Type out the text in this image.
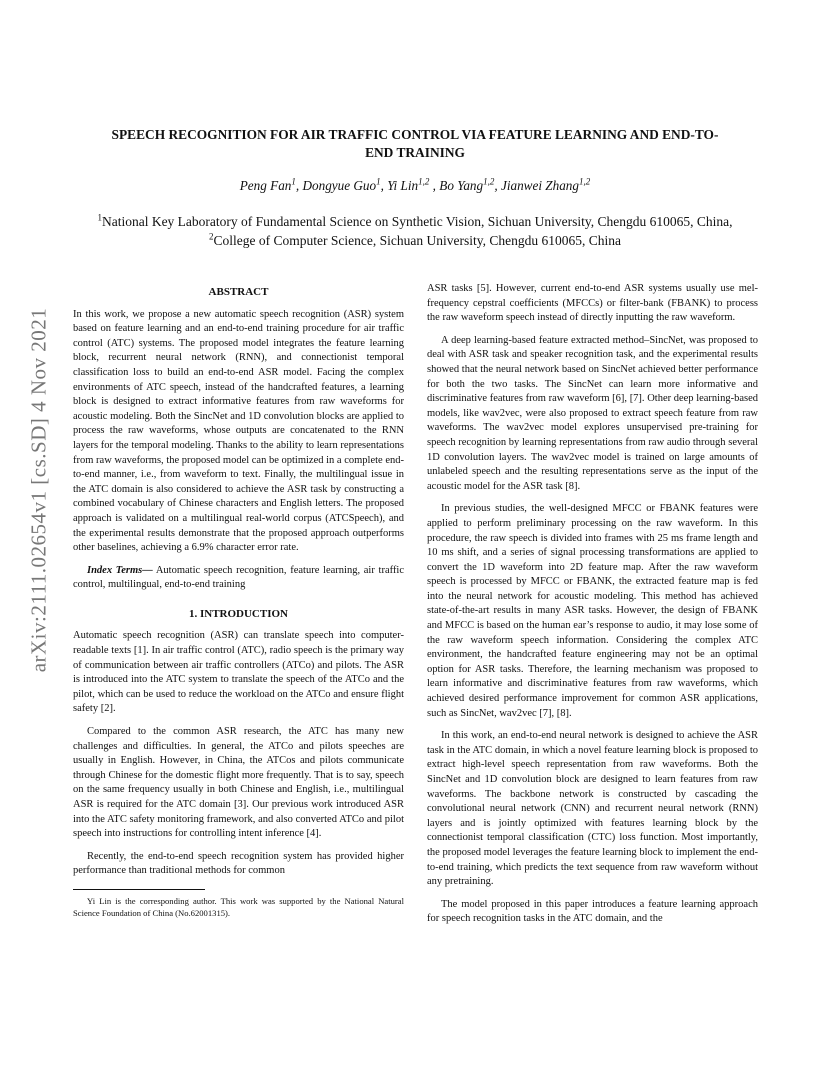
arXiv:2111.02654v1 [cs.SD] 4 Nov 2021
SPEECH RECOGNITION FOR AIR TRAFFIC CONTROL VIA FEATURE LEARNING AND END-TO-END TRAINING
Peng Fan$^1$, Dongyue Guo$^1$, Yi Lin$^{1,2}$ , Bo Yang$^{1,2}$, Jianwei Zhang$^{1,2}$
$^1$National Key Laboratory of Fundamental Science on Synthetic Vision, Sichuan University, Chengdu 610065, China,
$^2$College of Computer Science, Sichuan University, Chengdu 610065, China
ABSTRACT

In this work, we propose a new automatic speech recognition (ASR) system based on feature learning and an end-to-end training procedure for air traffic control (ATC) systems. The proposed model integrates the feature learning block, recurrent neural network (RNN), and connectionist temporal classification loss to build an end-to-end ASR model. Facing the complex environments of ATC speech, instead of the handcrafted features, a learning block is designed to extract informative features from raw waveforms for acoustic modeling. Both the SincNet and 1D convolution blocks are applied to process the raw waveforms, whose outputs are concatenated to the RNN layers for the temporal modeling. Thanks to the ability to learn representations from raw waveforms, the proposed model can be optimized in a complete end-to-end manner, i.e., from waveform to text. Finally, the multilingual issue in the ATC domain is also considered to achieve the ASR task by constructing a combined vocabulary of Chinese characters and English letters. The proposed approach is validated on a multilingual real-world corpus (ATCSpeech), and the experimental results demonstrate that the proposed approach outperforms other baselines, achieving a 6.9% character error rate.

Index Terms— Automatic speech recognition, feature learning, air traffic control, multilingual, end-to-end training

1. INTRODUCTION

Automatic speech recognition (ASR) can translate speech into computer-readable texts [1]. In air traffic control (ATC), radio speech is the primary way of communication between air traffic controllers (ATCo) and pilots. The ASR is introduced into the ATC system to translate the speech of the ATCo and the pilot, which can be used to reduce the workload on the ATCo and ensure flight safety [2].

Compared to the common ASR research, the ATC has many new challenges and difficulties. In general, the ATCo and pilots speeches are usually in English. However, in China, the ATCos and pilots communicate through Chinese for the domestic flight more frequently. That is to say, speech on the same frequency usually in both Chinese and English, i.e., multilingual ASR is required for the ATC domain [3]. Our previous work introduced ASR into the ATC safety monitoring framework, and also converted ATCo and pilot speech into instructions for controlling intent inference [4].

Recently, the end-to-end speech recognition system has provided higher performance than traditional methods for common

Yi Lin is the corresponding author. This work was supported by the National Natural Science Foundation of China (No.62001315).

ASR tasks [5]. However, current end-to-end ASR systems usually use mel-frequency cepstral coefficients (MFCCs) or filter-bank (FBANK) to process the raw waveform speech instead of directly inputting the raw waveform.

A deep learning-based feature extracted method–SincNet, was proposed to deal with ASR task and speaker recognition task, and the experimental results showed that the neural network based on SincNet achieved better performance for both the two tasks. The SincNet can learn more informative and discriminative features from raw waveform [6], [7]. Other deep learning-based models, like wav2vec, were also proposed to extract speech feature from raw waveforms. The wav2vec model explores unsupervised pre-training for speech recognition by learning representations from raw audio through several 1D convolution layers. The wav2vec model is trained on large amounts of unlabeled speech and the resulting representations serve as the input of the acoustic model for the ASR task [8].

In previous studies, the well-designed MFCC or FBANK features were applied to perform preliminary processing on the raw waveform. In this procedure, the raw speech is divided into frames with 25 ms frame length and 10 ms shift, and a series of signal processing transformations are applied to convert the 1D waveform into 2D feature map. After the raw waveform speech is processed by MFCC or FBANK, the extracted feature map is fed into the neural network for acoustic modeling. This method has achieved state-of-the-art results in many ASR tasks. However, the design of FBANK and MFCC is based on the human ear’s response to audio, it may lose some of the raw waveform speech information. Considering the complex ATC environment, the handcrafted feature engineering may not be an optimal option for ASR tasks. Therefore, the learning mechanism was proposed to learn informative and discriminative features from raw waveforms, which achieved desired performance improvement for common ASR applications, such as SincNet, wav2vec [7], [8].

In this work, an end-to-end neural network is designed to achieve the ASR task in the ATC domain, in which a novel feature learning block is proposed to extract high-level speech representation from raw waveforms. Both the SincNet and 1D convolution block are designed to learn features from raw waveforms. The backbone network is constructed by cascading the convolutional neural network (CNN) and recurrent neural network (RNN) layers and is jointly optimized with features learning block by the connectionist temporal classification (CTC) loss function. Most importantly, the proposed model leverages the feature learning block to implement the end-to-end training, which predicts the text sequence from raw waveform without any pretraining.

The model proposed in this paper introduces a feature learning approach for speech recognition tasks in the ATC domain, and the
